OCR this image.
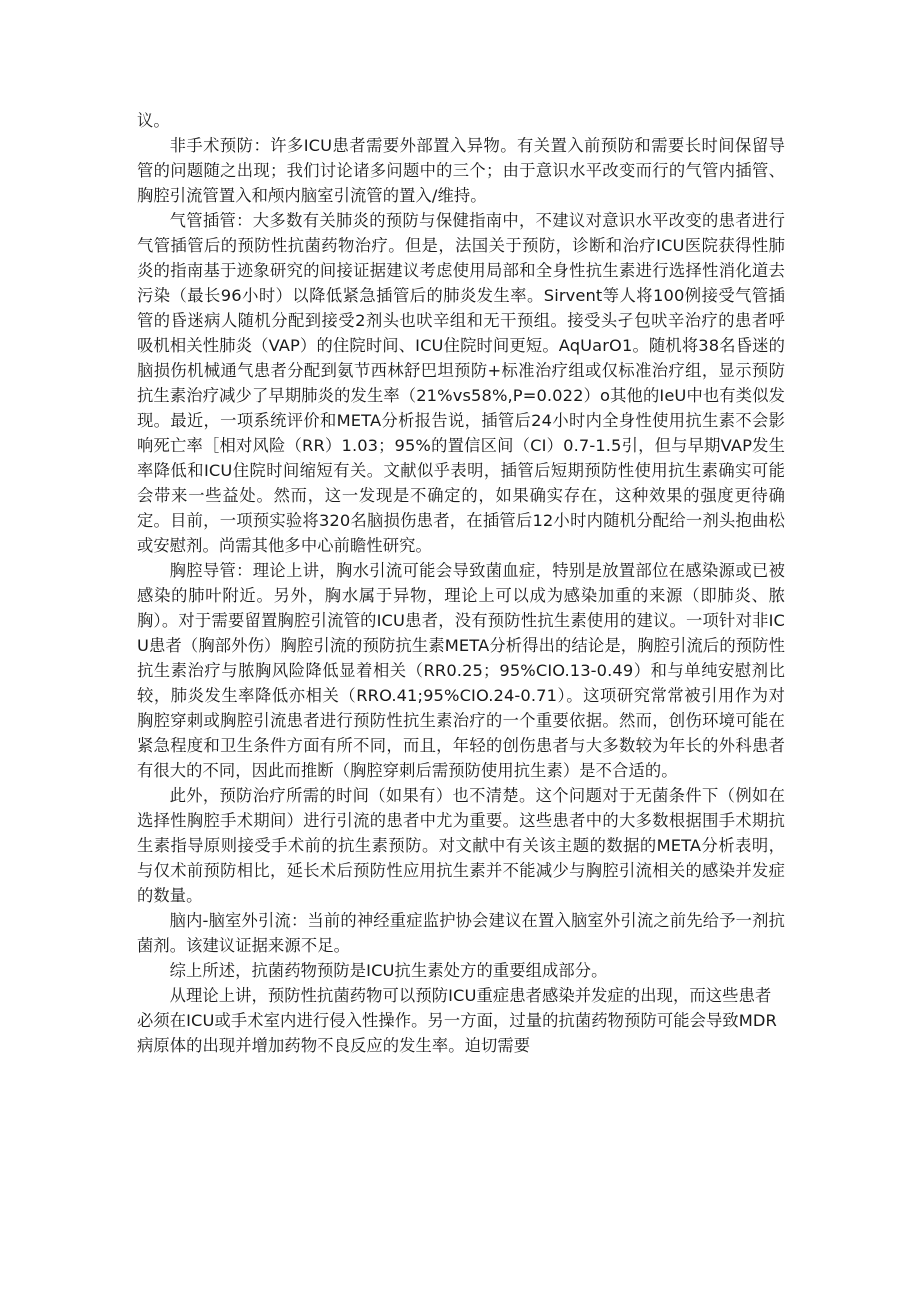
议。

非手术预防：许多ICU患者需要外部置入异物。有关置入前预防和需要长时间保留导管的问题随之出现；我们讨论诸多问题中的三个；由于意识水平改变而行的气管内插管、胸腔引流管置入和颅内脑室引流管的置入/维持。

气管插管：大多数有关肺炎的预防与保健指南中，不建议对意识水平改变的患者进行气管插管后的预防性抗菌药物治疗。但是，法国关于预防，诊断和治疗ICU医院获得性肺炎的指南基于迹象研究的间接证据建议考虑使用局部和全身性抗生素进行选择性消化道去污染（最长96小时）以降低紧急插管后的肺炎发生率。Sirvent等人将100例接受气管插管的昏迷病人随机分配到接受2剂头也吠辛组和无干预组。接受头孑包吠辛治疗的患者呼吸机相关性肺炎（VAP）的住院时间、ICU住院时间更短。AqUarO1。随机将38名昏迷的脑损伤机械通气患者分配到氨节西林舒巴坦预防+标准治疗组或仅标准治疗组，显示预防抗生素治疗减少了早期肺炎的发生率（21%vs58%,P=0.022）o其他的IeU中也有类似发现。最近，一项系统评价和META分析报告说，插管后24小时内全身性使用抗生素不会影响死亡率［相对风险（RR）1.03；95%的置信区间（CI）0.7-1.5引，但与早期VAP发生率降低和ICU住院时间缩短有关。文献似乎表明，插管后短期预防性使用抗生素确实可能会带来一些益处。然而，这一发现是不确定的，如果确实存在，这种效果的强度更待确定。目前，一项预实验将320名脑损伤患者，在插管后12小时内随机分配给一剂头抱曲松或安慰剂。尚需其他多中心前瞻性研究。

胸腔导管：理论上讲，胸水引流可能会导致菌血症，特别是放置部位在感染源或已被感染的肺叶附近。另外，胸水属于异物，理论上可以成为感染加重的来源（即肺炎、脓胸）。对于需要留置胸腔引流管的ICU患者，没有预防性抗生素使用的建议。一项针对非ICU患者（胸部外伤）胸腔引流的预防抗生素META分析得出的结论是，胸腔引流后的预防性抗生素治疗与脓胸风险降低显着相关（RR0.25；95%CIO.13-0.49）和与单纯安慰剂比较，肺炎发生率降低亦相关（RRO.41;95%CIO.24-0.71）。这项研究常常被引用作为对胸腔穿刺或胸腔引流患者进行预防性抗生素治疗的一个重要依据。然而，创伤环境可能在紧急程度和卫生条件方面有所不同，而且，年轻的创伤患者与大多数较为年长的外科患者有很大的不同，因此而推断（胸腔穿刺后需预防使用抗生素）是不合适的。

此外，预防治疗所需的时间（如果有）也不清楚。这个问题对于无菌条件下（例如在选择性胸腔手术期间）进行引流的患者中尤为重要。这些患者中的大多数根据围手术期抗生素指导原则接受手术前的抗生素预防。对文献中有关该主题的数据的META分析表明，与仅术前预防相比，延长术后预防性应用抗生素并不能减少与胸腔引流相关的感染并发症的数量。

脑内-脑室外引流：当前的神经重症监护协会建议在置入脑室外引流之前先给予一剂抗菌剂。该建议证据来源不足。

综上所述，抗菌药物预防是ICU抗生素处方的重要组成部分。

从理论上讲，预防性抗菌药物可以预防ICU重症患者感染并发症的出现，而这些患者必须在ICU或手术室内进行侵入性操作。另一方面，过量的抗菌药物预防可能会导致MDR病原体的出现并增加药物不良反应的发生率。迫切需要
